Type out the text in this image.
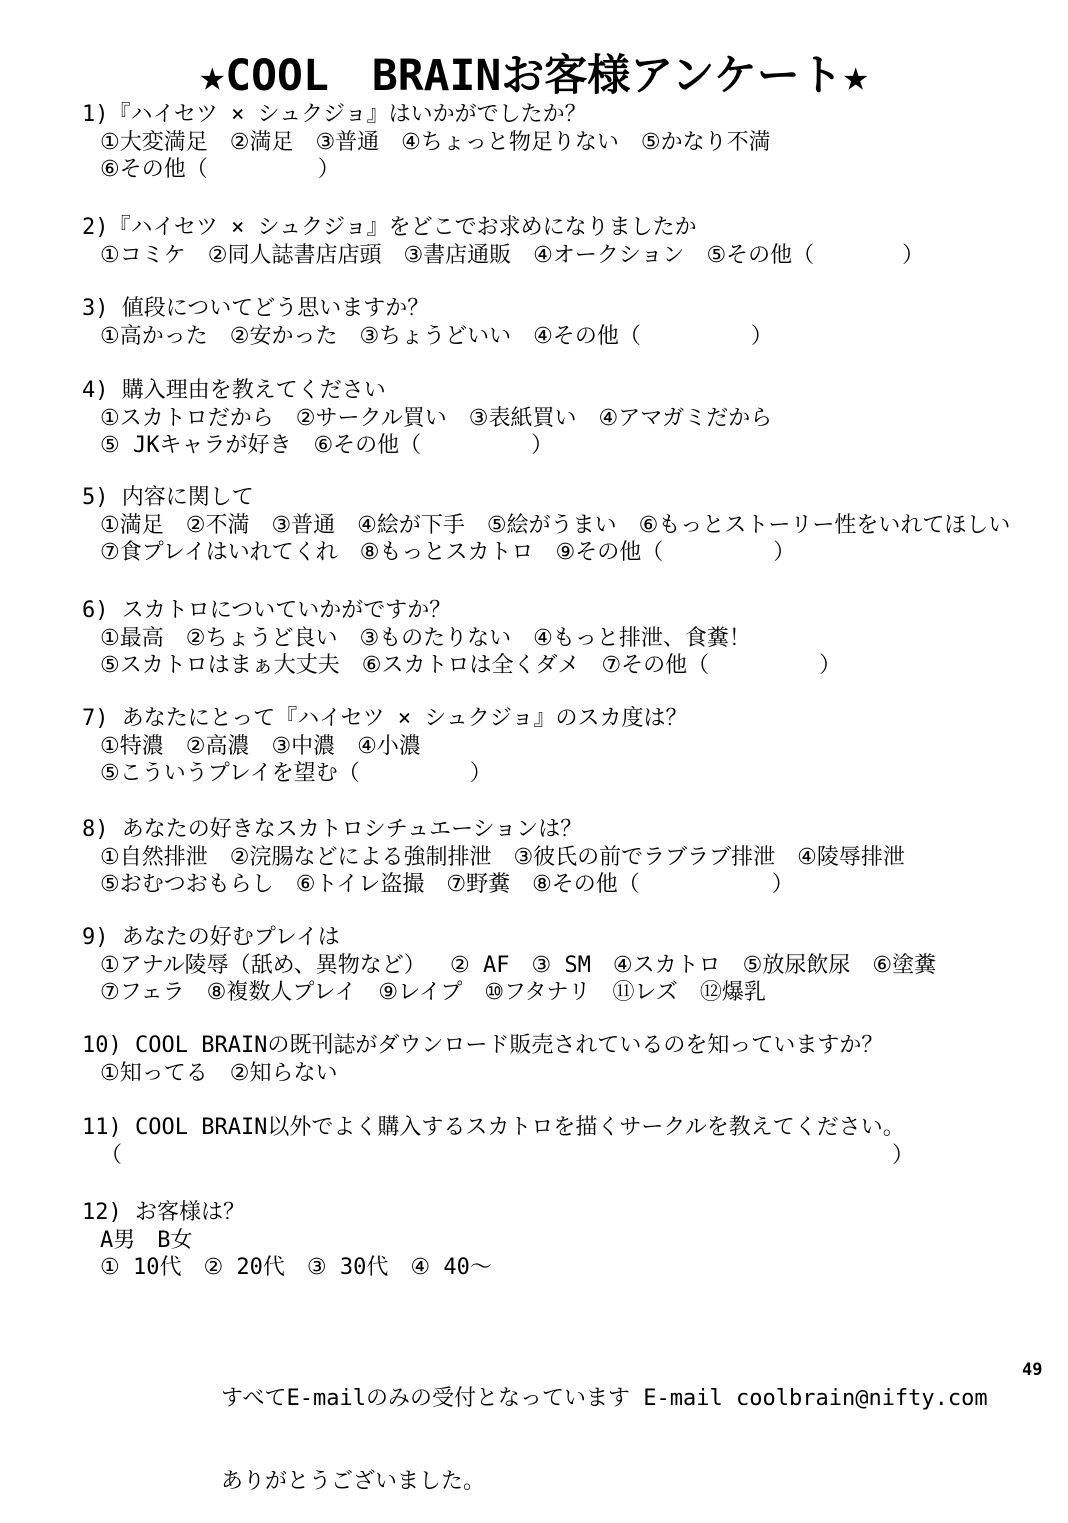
★COOL　BRAINお客様アンケート★
1)『ハイセツ × シュクジョ』はいかがでしたか？
①大変満足　②満足　③普通　④ちょっと物足りない　⑤かなり不満
⑥その他（　　　　　）
2)『ハイセツ × シュクジョ』をどこでお求めになりましたか
①コミケ　②同人誌書店店頭　③書店通販　④オークション　⑤その他（　　　　）
3) 値段についてどう思いますか？
①高かった　②安かった　③ちょうどいい　④その他（　　　　　）
4) 購入理由を教えてください
①スカトロだから　②サークル買い　③表紙買い　④アマガミだから
⑤ JKキャラが好き　⑥その他（　　　　　）
5) 内容に関して
①満足　②不満　③普通　④絵が下手　⑤絵がうまい　⑥もっとストーリー性をいれてほしい
⑦食プレイはいれてくれ　⑧もっとスカトロ　⑨その他（　　　　　）
6) スカトロについていかがですか？
①最高　②ちょうど良い　③ものたりない　④もっと排泄、食糞！
⑤スカトロはまぁ大丈夫　⑥スカトロは全くダメ　⑦その他（　　　　　）
7) あなたにとって『ハイセツ × シュクジョ』のスカ度は？
①特濃　②高濃　③中濃　④小濃
⑤こういうプレイを望む（　　　　　）
8) あなたの好きなスカトロシチュエーションは？
①自然排泄　②浣腸などによる強制排泄　③彼氏の前でラブラブ排泄　④陵辱排泄
⑤おむつおもらし　⑥トイレ盗撮　⑦野糞　⑧その他（　　　　　　）
9) あなたの好むプレイは
①アナル陵辱（舐め、異物など）　 ② AF　③ SM　④スカトロ　⑤放尿飲尿　⑥塗糞
⑦フェラ　⑧複数人プレイ　⑨レイプ　⑩フタナリ　⑪レズ　⑫爆乳
10) COOL BRAINの既刊誌がダウンロード販売されているのを知っていますか？
①知ってる　②知らない
11) COOL BRAIN以外でよく購入するスカトロを描くサークルを教えてください。
（　　　　　　　　　　　　　　　　　　　　　　　　　　　　　　　　　　　）
12) お客様は？
A男　B女
① 10代　② 20代　③ 30代　④ 40～

すべてE-mailのみの受付となっています E-mail coolbrain@nifty.com

ありがとうございました。

49
